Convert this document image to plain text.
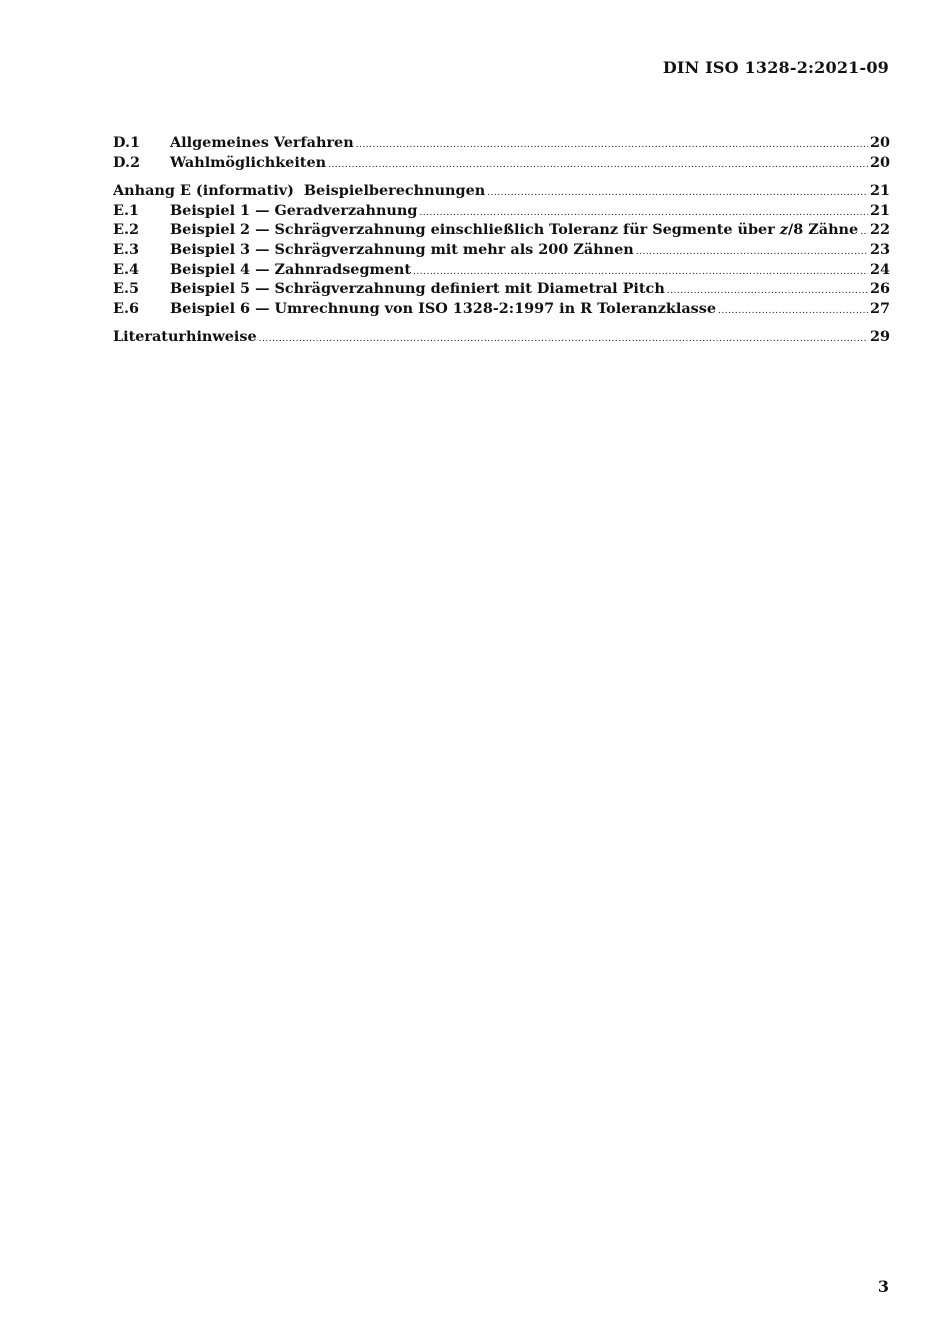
DIN ISO 1328-2:2021-09
D.1	Allgemeines Verfahren .....	20
D.2	Wahlmöglichkeiten .....	20
Anhang E (informativ)  Beispielberechnungen .....	21
E.1	Beispiel 1 — Geradverzahnung .....	21
E.2	Beispiel 2 — Schrägverzahnung einschließlich Toleranz für Segmente über z/8 Zähne ..... 22
E.3	Beispiel 3 — Schrägverzahnung mit mehr als 200 Zähnen .....	23
E.4	Beispiel 4 — Zahnradsegment .....	24
E.5	Beispiel 5 — Schrägverzahnung definiert mit Diametral Pitch .....	26
E.6	Beispiel 6 — Umrechnung von ISO 1328-2:1997 in R Toleranzklasse .....	27
Literaturhinweise .....	29
3
